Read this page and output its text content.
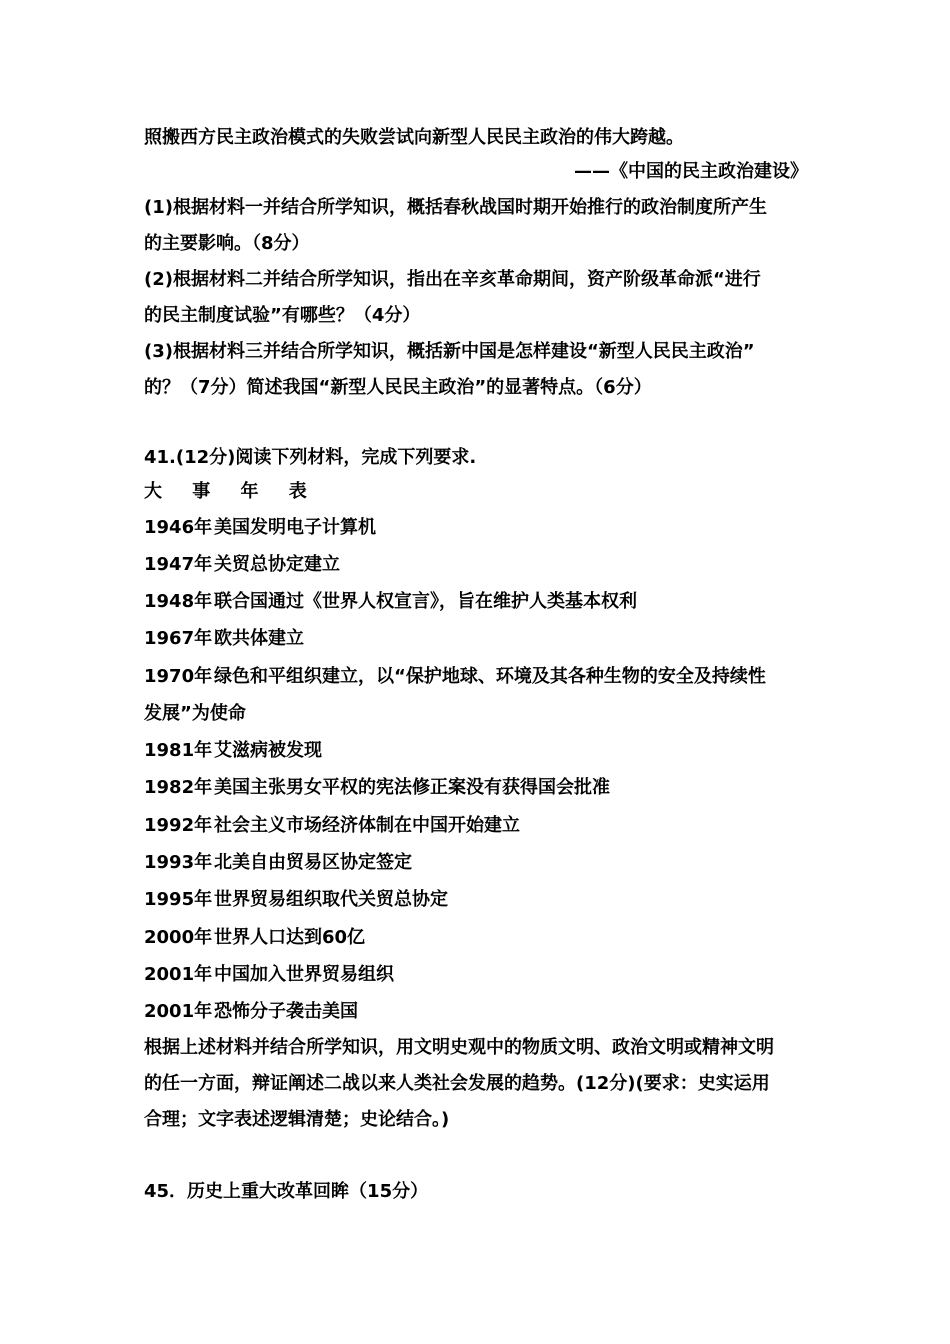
照搬西方民主政治模式的失败尝试向新型人民民主政治的伟大跨越。
——《中国的民主政治建设》
(1)根据材料一并结合所学知识，概括春秋战国时期开始推行的政治制度所产生
的主要影响。（8分）
(2)根据材料二并结合所学知识，指出在辛亥革命期间，资产阶级革命派“进行
的民主制度试验”有哪些？（4分）
(3)根据材料三并结合所学知识，概括新中国是怎样建设“新型人民民主政治”
的？（7分）简述我国“新型人民民主政治”的显著特点。（6分）
41.(12分)阅读下列材料，完成下列要求.
大 事 年 表
1946年 美国发明电子计算机
1947年 关贸总协定建立
1948年 联合国通过《世界人权宣言》，旨在维护人类基本权利
1967年 欧共体建立
1970年 绿色和平组织建立，以“保护地球、环境及其各种生物的安全及持续性
发展”为使命
1981年 艾滋病被发现
1982年 美国主张男女平权的宪法修正案没有获得国会批准
1992年 社会主义市场经济体制在中国开始建立
1993年 北美自由贸易区协定签定
1995年 世界贸易组织取代关贸总协定
2000年 世界人口达到60亿
2001年 中国加入世界贸易组织
2001年 恐怖分子袭击美国
根据上述材料并结合所学知识，用文明史观中的物质文明、政治文明或精神文明
的任一方面，辩证阐述二战以来人类社会发展的趋势。(12分)(要求：史实运用
合理；文字表述逻辑清楚；史论结合。)
45．历史上重大改革回眸（15分）
